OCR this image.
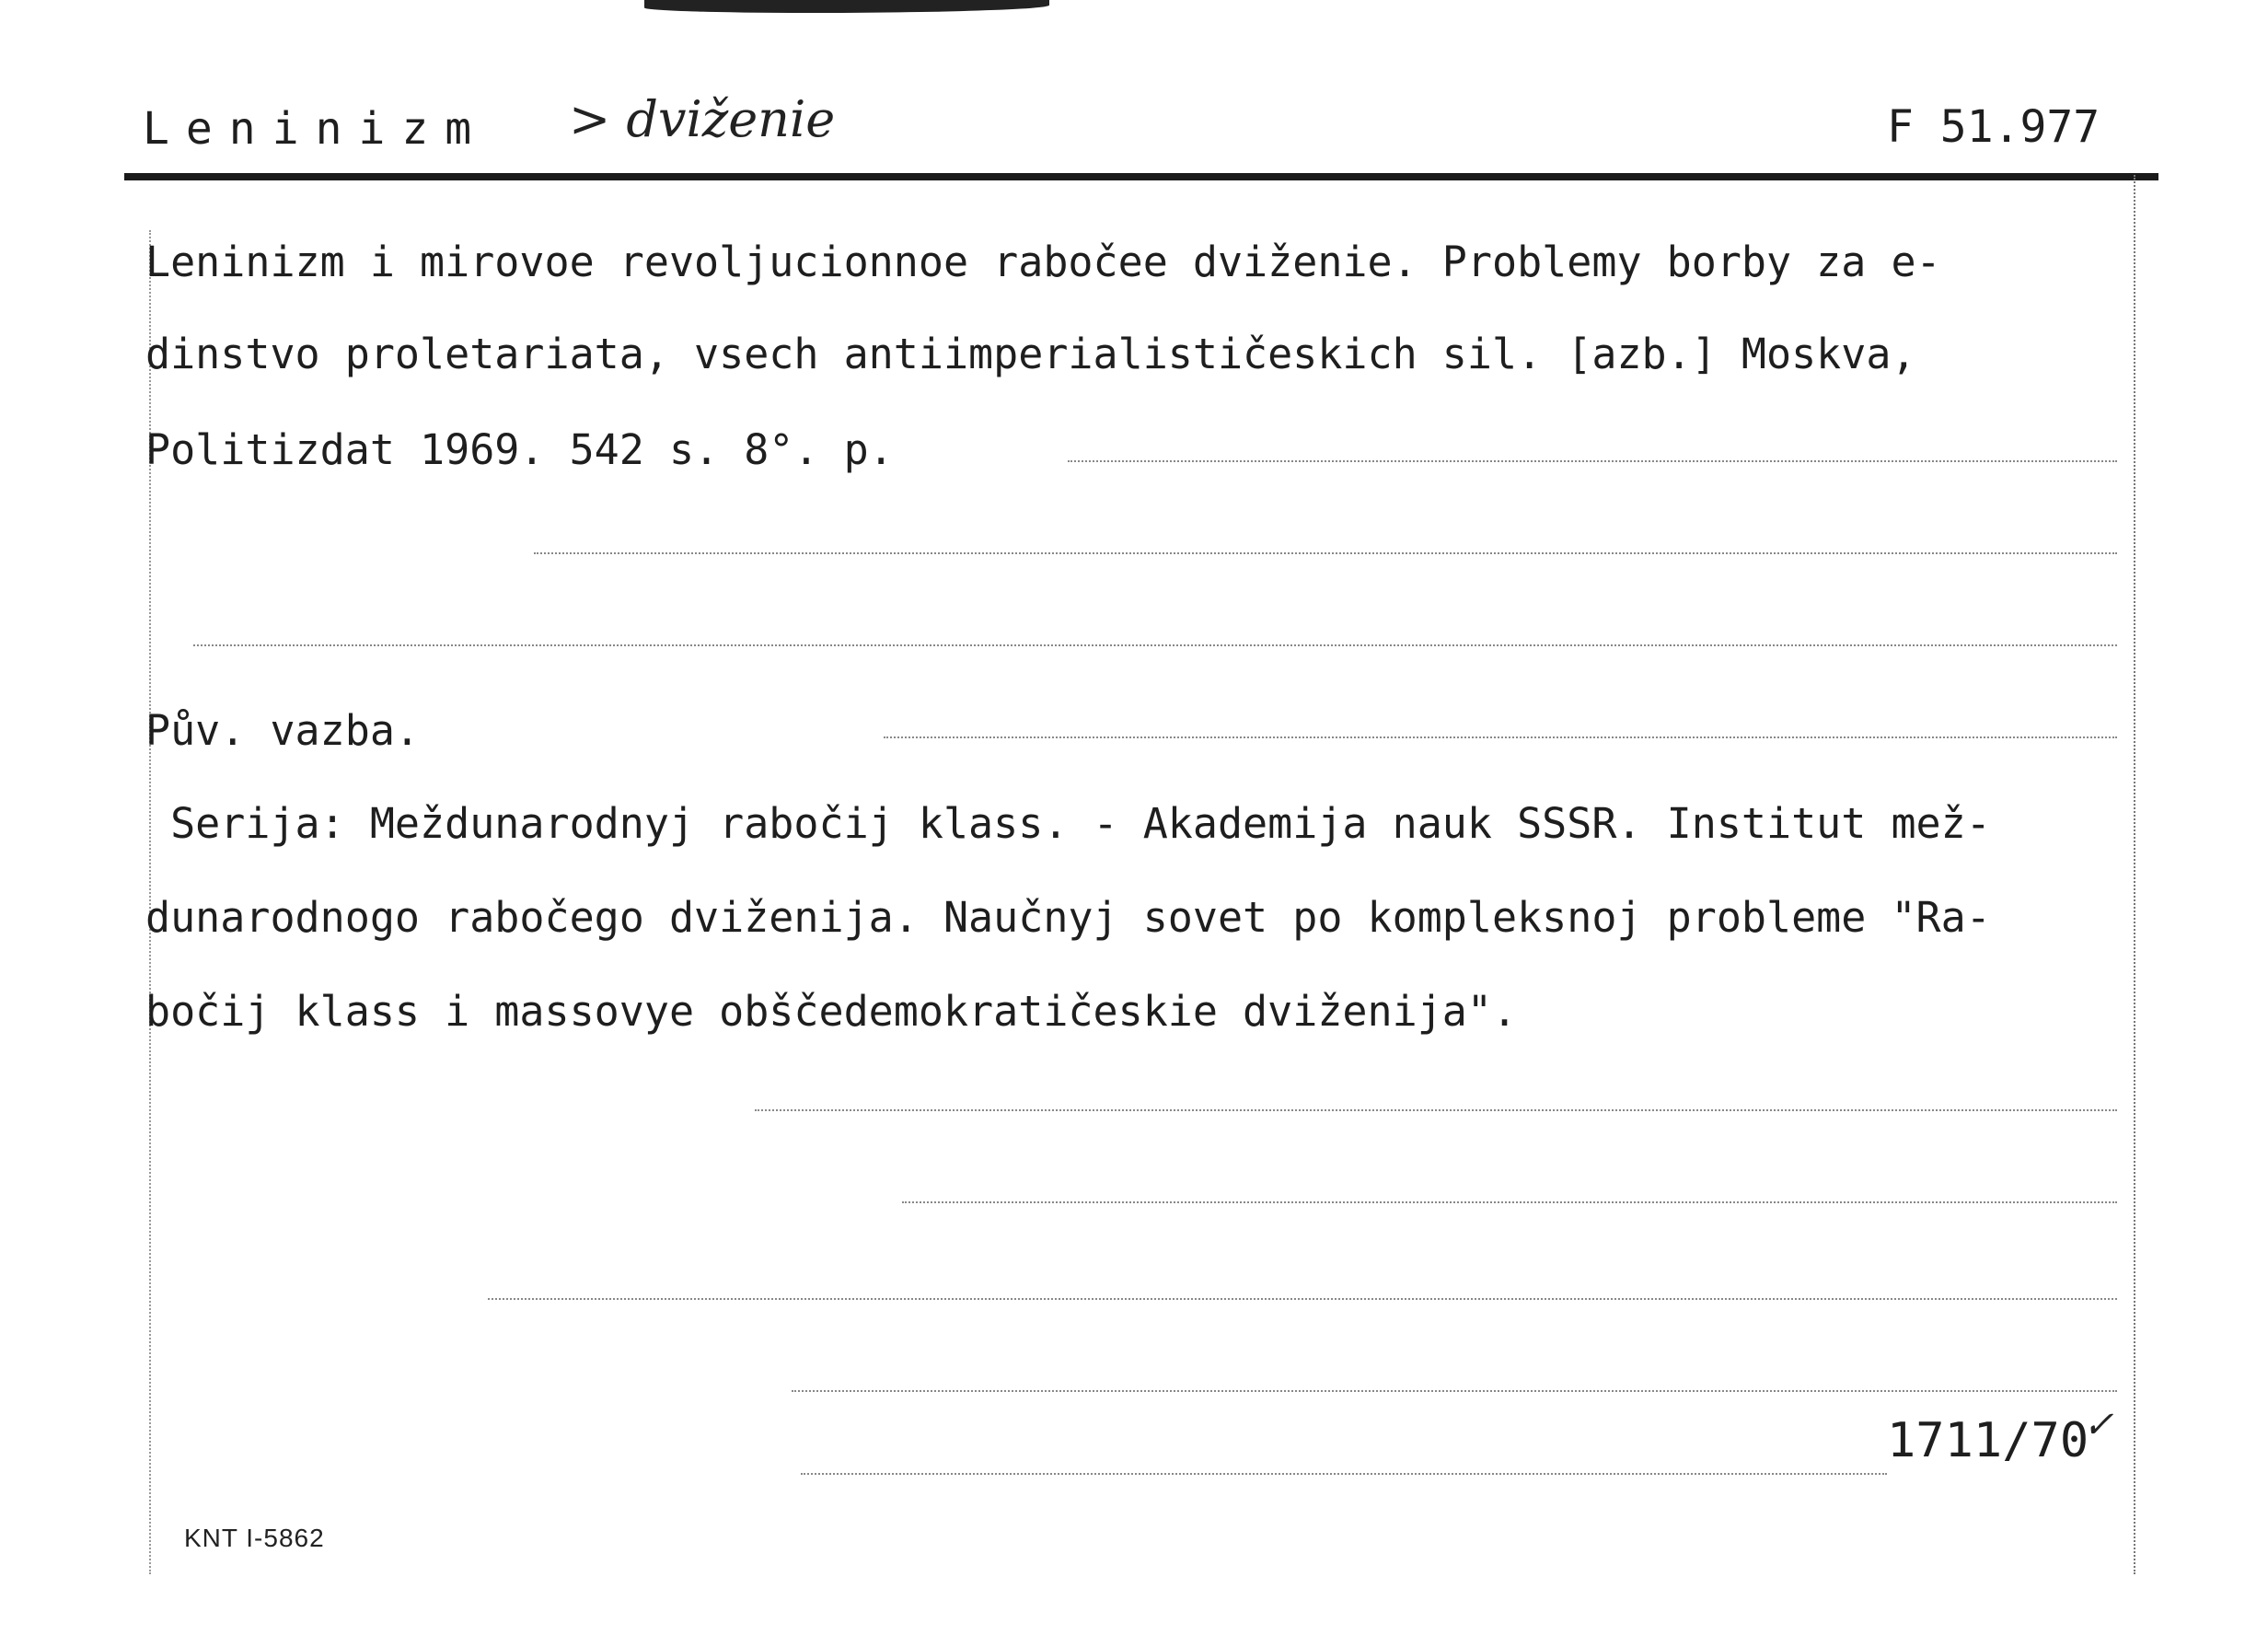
Leninizm > dviženie	F 51.977
Leninizm i mirovoe revoljucionnoe rabočee dviženie. Problemy borby za e-
dinstvo proletariata, vsech antiimperialističeskich sil. [azb.] Moskva,
Politizdat 1969. 542 s. 8°. p.
Pův. vazba.
Serija: Meždunarodnyj rabočij klass. - Akademija nauk SSSR. Institut mež-
dunarodnogo rabočego dviženija. Naučnyj sovet po kompleksnoj probleme "Ra-
bočij klass i massovye obščedemokratičeskie dviženija".
1711/70
✓
KNT I-5862
